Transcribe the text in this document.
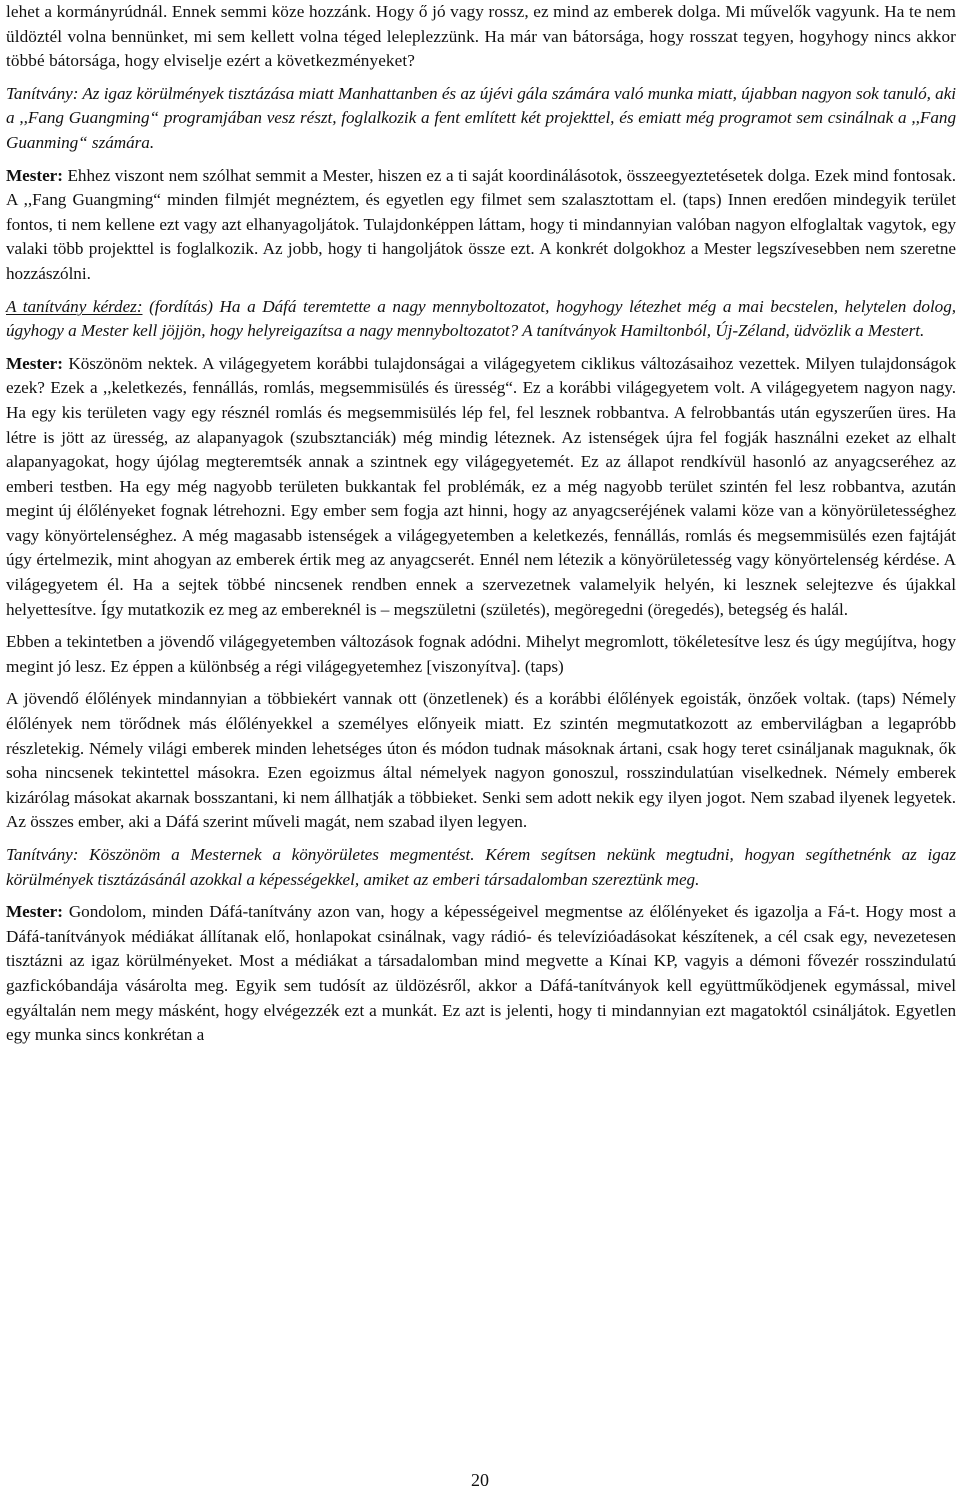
lehet a kormányrúdnál. Ennek semmi köze hozzánk. Hogy ő jó vagy rossz, ez mind az emberek dolga. Mi művelők vagyunk. Ha te nem üldöztél volna bennünket, mi sem kellett volna téged leleplezzünk. Ha már van bátorsága, hogy rosszat tegyen, hogyhogy nincs akkor többé bátorsága, hogy elviselje ezért a következményeket?

Tanítvány: Az igaz körülmények tisztázása miatt Manhattanben és az újévi gála számára való munka miatt, újabban nagyon sok tanuló, aki a ,,Fang Guangming“ programjában vesz részt, foglalkozik a fent említett két projekttel, és emiatt még programot sem csinálnak a ,,Fang Guanming“ számára.

Mester: Ehhez viszont nem szólhat semmit a Mester, hiszen ez a ti saját koordinálásotok, összeegyeztetésetek dolga. Ezek mind fontosak. A ,,Fang Guangming“ minden filmjét megnéztem, és egyetlen egy filmet sem szalasztottam el. (taps) Innen eredően mindegyik terület fontos, ti nem kellene ezt vagy azt elhanyagoljátok. Tulajdonképpen láttam, hogy ti mindannyian valóban nagyon elfoglaltak vagytok, egy valaki több projekttel is foglalkozik. Az jobb, hogy ti hangoljátok össze ezt. A konkrét dolgokhoz a Mester legszívesebben nem szeretne hozzászólni.

A tanítvány kérdez: (fordítás) Ha a Dáfá teremtette a nagy mennyboltozatot, hogyhogy létezhet még a mai becstelen, helytelen dolog, úgyhogy a Mester kell jöjjön, hogy helyreigazítsa a nagy mennyboltozatot? A tanítványok Hamiltonból, Új-Zéland, üdvözlik a Mestert.

Mester: Köszönöm nektek. A világegyetem korábbi tulajdonságai a világegyetem ciklikus változásaihoz vezettek. Milyen tulajdonságok ezek? Ezek a ,,keletkezés, fennállás, romlás, megsemmisülés és üresség“. Ez a korábbi világegyetem volt. A világegyetem nagyon nagy. Ha egy kis területen vagy egy résznél romlás és megsemmisülés lép fel, fel lesznek robbantva. A felrobbantás után egyszerűen üres. Ha létre is jött az üresség, az alapanyagok (szubsztanciák) még mindig léteznek. Az istenségek újra fel fogják használni ezeket az elhalt alapanyagokat, hogy újólag megteremtsék annak a szintnek egy világegyetemét. Ez az állapot rendkívül hasonló az anyagcseréhez az emberi testben. Ha egy még nagyobb területen bukkantak fel problémák, ez a még nagyobb terület szintén fel lesz robbantva, azután megint új élőlényeket fognak létrehozni. Egy ember sem fogja azt hinni, hogy az anyagcseréjének valami köze van a könyörületességhez vagy könyörtelenséghez. A még magasabb istenségek a világegyetemben a keletkezés, fennállás, romlás és megsemmisülés ezen fajtáját úgy értelmezik, mint ahogyan az emberek értik meg az anyagcserét. Ennél nem létezik a könyörületesség vagy könyörtelenség kérdése. A világegyetem él. Ha a sejtek többé nincsenek rendben ennek a szervezetnek valamelyik helyén, ki lesznek selejtezve és újakkal helyettesítve. Így mutatkozik ez meg az embereknél is – megszületni (születés), megöregedni (öregedés), betegség és halál.

Ebben a tekintetben a jövendő világegyetemben változások fognak adódni. Mihelyt megromlott, tökéletesítve lesz és úgy megújítva, hogy megint jó lesz. Ez éppen a különbség a régi világegyetemhez [viszonyítva]. (taps)

A jövendő élőlények mindannyian a többiekért vannak ott (önzetlenek) és a korábbi élőlények egoisták, önzőek voltak. (taps) Némely élőlények nem törődnek más élőlényekkel a személyes előnyeik miatt. Ez szintén megmutatkozott az embervilágban a legapróbb részletekig. Némely világi emberek minden lehetséges úton és módon tudnak másoknak ártani, csak hogy teret csinálјanak maguknak, ők soha nincsenek tekintettel másokra. Ezen egoizmus által némelyek nagyon gonoszul, rosszindulatúan viselkednek. Némely emberek kizárólag másokat akarnak bosszantani, ki nem állhatják a többieket. Senki sem adott nekik egy ilyen jogot. Nem szabad ilyenek legyetek. Az összes ember, aki a Dáfá szerint műveli magát, nem szabad ilyen legyen.

Tanítvány: Köszönöm a Mesternek a könyörületes megmentést. Kérem segítsen nekünk megtudni, hogyan segíthetnénk az igaz körülmények tisztázásánál azokkal a képességekkel, amiket az emberi társadalomban szereztünk meg.

Mester: Gondolom, minden Dáfá-tanítvány azon van, hogy a képességeivel megmentse az élőlényeket és igazolja a Fá-t. Hogy most a Dáfá-tanítványok médiákat állítanak elő, honlapokat csinálnak, vagy rádió- és televízióadásokat készítenek, a cél csak egy, nevezetesen tisztázni az igaz körülményeket. Most a médiákat a társadalomban mind megvette a Kínai KP, vagyis a démoni fővezér rosszindulatú gazfickóbandája vásárolta meg. Egyik sem tudósít az üldözésről, akkor a Dáfá-tanítványok kell együttműködjenek egymással, mivel egyáltalán nem megy másként, hogy elvégezzék ezt a munkát. Ez azt is jelenti, hogy ti mindannyian ezt magatoktól csináljátok. Egyetlen egy munka sincs konkrétan a

20
